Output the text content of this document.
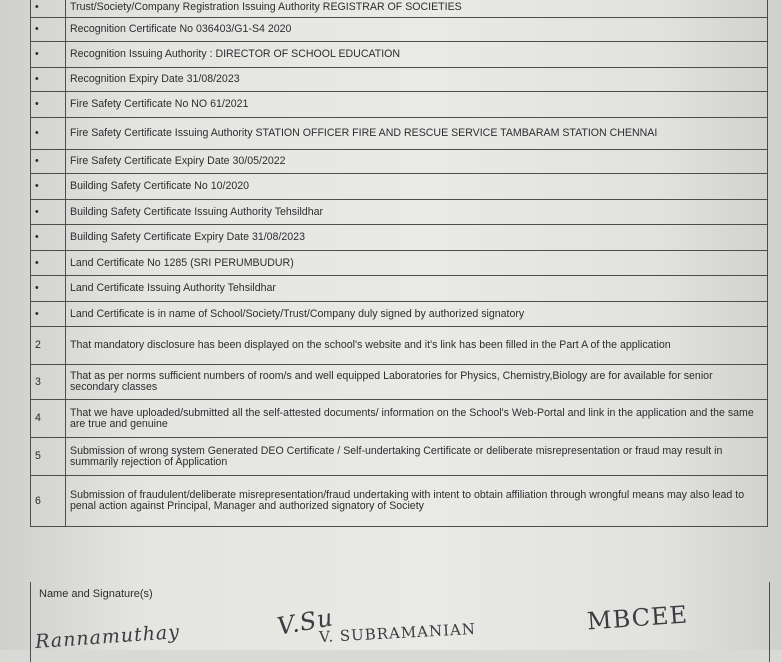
•	Trust/Society/Company Registration Issuing Authority REGISTRAR OF SOCIETIES
•	Recognition Certificate No 036403/G1-S4 2020
•	Recognition Issuing Authority : DIRECTOR OF SCHOOL EDUCATION
•	Recognition Expiry Date 31/08/2023
•	Fire Safety Certificate No NO 61/2021
•	Fire Safety Certificate Issuing Authority STATION OFFICER FIRE AND RESCUE SERVICE TAMBARAM STATION CHENNAI
•	Fire Safety Certificate Expiry Date 30/05/2022
•	Building Safety Certificate No 10/2020
•	Building Safety Certificate Issuing Authority Tehsildhar
•	Building Safety Certificate Expiry Date 31/08/2023
•	Land Certificate No 1285 (SRI PERUMBUDUR)
•	Land Certificate Issuing Authority Tehsildhar
•	Land Certificate is in name of School/Society/Trust/Company duly signed by authorized signatory
2	That mandatory disclosure has been displayed on the school's website and it's link has been filled in the Part A of the application
3	That as per norms sufficient numbers of room/s and well equipped Laboratories for Physics, Chemistry,Biology are for available for senior secondary classes
4	That we have uploaded/submitted all the self-attested documents/ information on the School's Web-Portal and link in the application and the same are true and genuine
5	Submission of wrong system Generated DEO Certificate / Self-undertaking Certificate or deliberate misrepresentation or fraud may result in summarily rejection of Application
6	Submission of fraudulent/deliberate misrepresentation/fraud undertaking with intent to obtain affiliation through wrongful means may also lead to penal action against Principal, Manager and authorized signatory of Society
Name and Signature(s)
Rannamuthay	V.Su
V. SUBRAMANIAN	MBCEE
